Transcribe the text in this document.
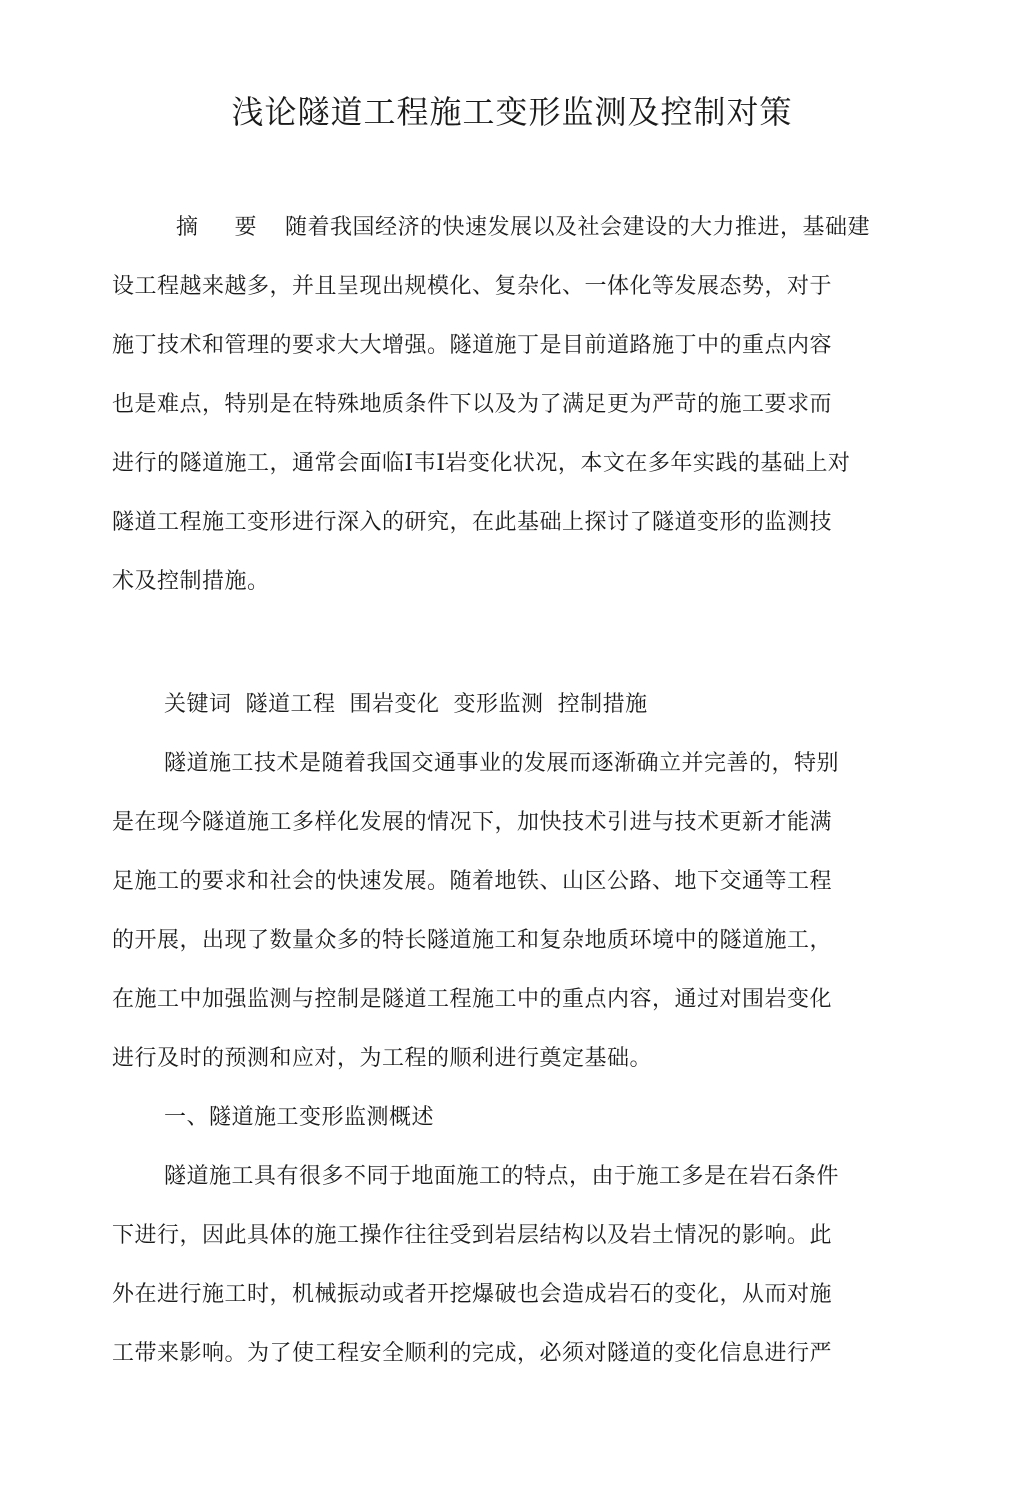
浅论隧道工程施工变形监测及控制对策
摘 要 随着我国经济的快速发展以及社会建设的大力推进，基础建
设工程越来越多，并且呈现出规模化、复杂化、一体化等发展态势，对于
施丁技术和管理的要求大大增强。隧道施丁是目前道路施丁中的重点内容
也是难点，特别是在特殊地质条件下以及为了满足更为严苛的施工要求而
进行的隧道施工，通常会面临I韦I岩变化状况，本文在多年实践的基础上对
隧道工程施工变形进行深入的研究，在此基础上探讨了隧道变形的监测技
术及控制措施。
关键词 隧道工程 围岩变化 变形监测 控制措施
隧道施工技术是随着我国交通事业的发展而逐渐确立并完善的，特别
是在现今隧道施工多样化发展的情况下，加快技术引进与技术更新才能满
足施工的要求和社会的快速发展。随着地铁、山区公路、地下交通等工程
的开展，出现了数量众多的特长隧道施工和复杂地质环境中的隧道施工，
在施工中加强监测与控制是隧道工程施工中的重点内容，通过对围岩变化
进行及时的预测和应对，为工程的顺利进行奠定基础。
一、隧道施工变形监测概述
隧道施工具有很多不同于地面施工的特点，由于施工多是在岩石条件
下进行，因此具体的施工操作往往受到岩层结构以及岩土情况的影响。此
外在进行施工时，机械振动或者开挖爆破也会造成岩石的变化，从而对施
工带来影响。为了使工程安全顺利的完成，必须对隧道的变化信息进行严
